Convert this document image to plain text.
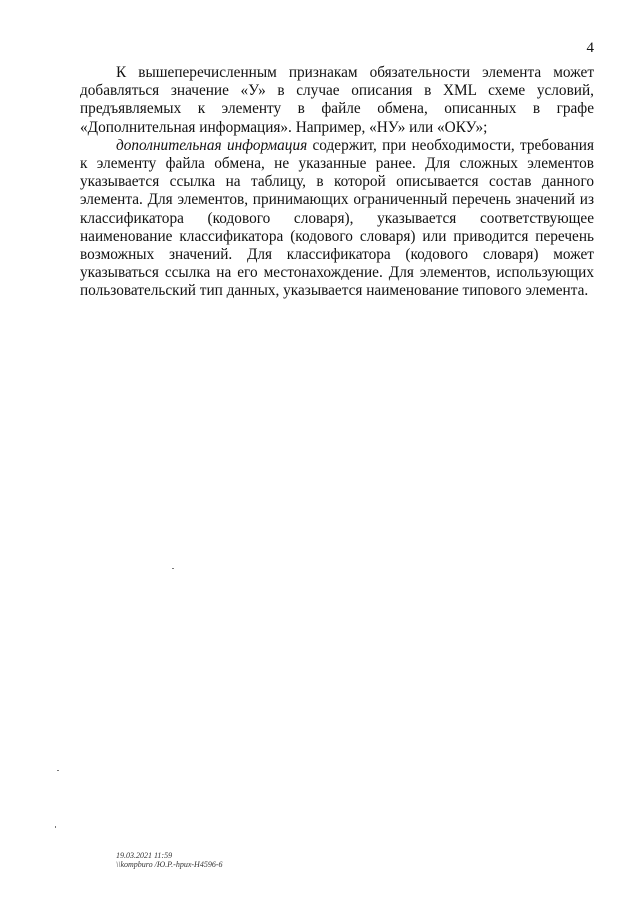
4

К вышеперечисленным признакам обязательности элемента может добавляться значение «У» в случае описания в XML схеме условий, предъявляемых к элементу в файле обмена, описанных в графе «Дополнительная информация». Например, «НУ» или «ОКУ»;

дополнительная информация содержит, при необходимости, требования к элементу файла обмена, не указанные ранее. Для сложных элементов указывается ссылка на таблицу, в которой описывается состав данного элемента. Для элементов, принимающих ограниченный перечень значений из классификатора (кодового словаря), указывается соответствующее наименование классификатора (кодового словаря) или приводится перечень возможных значений. Для классификатора (кодового словаря) может указываться ссылка на его местонахождение. Для элементов, использующих пользовательский тип данных, указывается наименование типового элемента.

19.03.2021 11:59
\\kompburo /Ю.Р.-hpux-H4596-6
